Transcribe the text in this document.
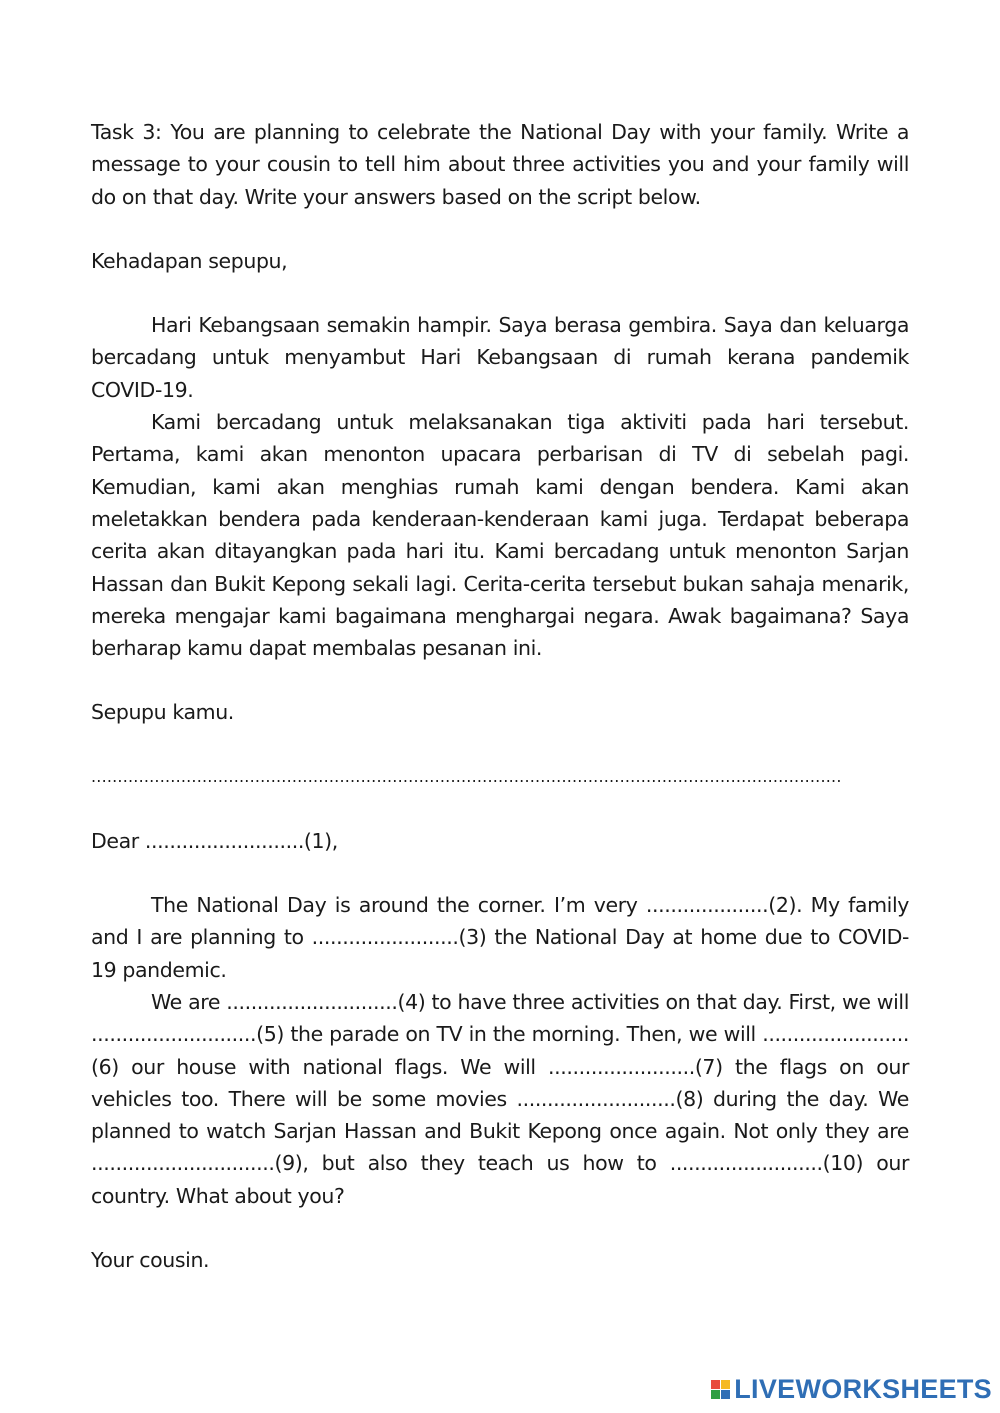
Task 3: You are planning to celebrate the National Day with your family. Write a message to your cousin to tell him about three activities you and your family will do on that day. Write your answers based on the script below.

Kehadapan sepupu,

Hari Kebangsaan semakin hampir. Saya berasa gembira. Saya dan keluarga bercadang untuk menyambut Hari Kebangsaan di rumah kerana pandemik COVID-19.

Kami bercadang untuk melaksanakan tiga aktiviti pada hari tersebut. Pertama, kami akan menonton upacara perbarisan di TV di sebelah pagi. Kemudian, kami akan menghias rumah kami dengan bendera. Kami akan meletakkan bendera pada kenderaan-kenderaan kami juga. Terdapat beberapa cerita akan ditayangkan pada hari itu. Kami bercadang untuk menonton Sarjan Hassan dan Bukit Kepong sekali lagi. Cerita-cerita tersebut bukan sahaja menarik, mereka mengajar kami bagaimana menghargai negara. Awak bagaimana? Saya berharap kamu dapat membalas pesanan ini.

Sepupu kamu.

..............................................................................................................................................

Dear ..........................(1),

The National Day is around the corner. I’m very ....................(2). My family and I are planning to ........................(3) the National Day at home due to COVID-19 pandemic.

We are ............................(4) to have three activities on that day. First, we will ...........................(5) the parade on TV in the morning. Then, we will ........................ (6) our house with national flags. We will ........................(7) the flags on our vehicles too. There will be some movies ..........................(8) during the day. We planned to watch Sarjan Hassan and Bukit Kepong once again. Not only they are ..............................(9), but also they teach us how to .........................(10) our country. What about you?

Your cousin.

LIVEWORKSHEETS
